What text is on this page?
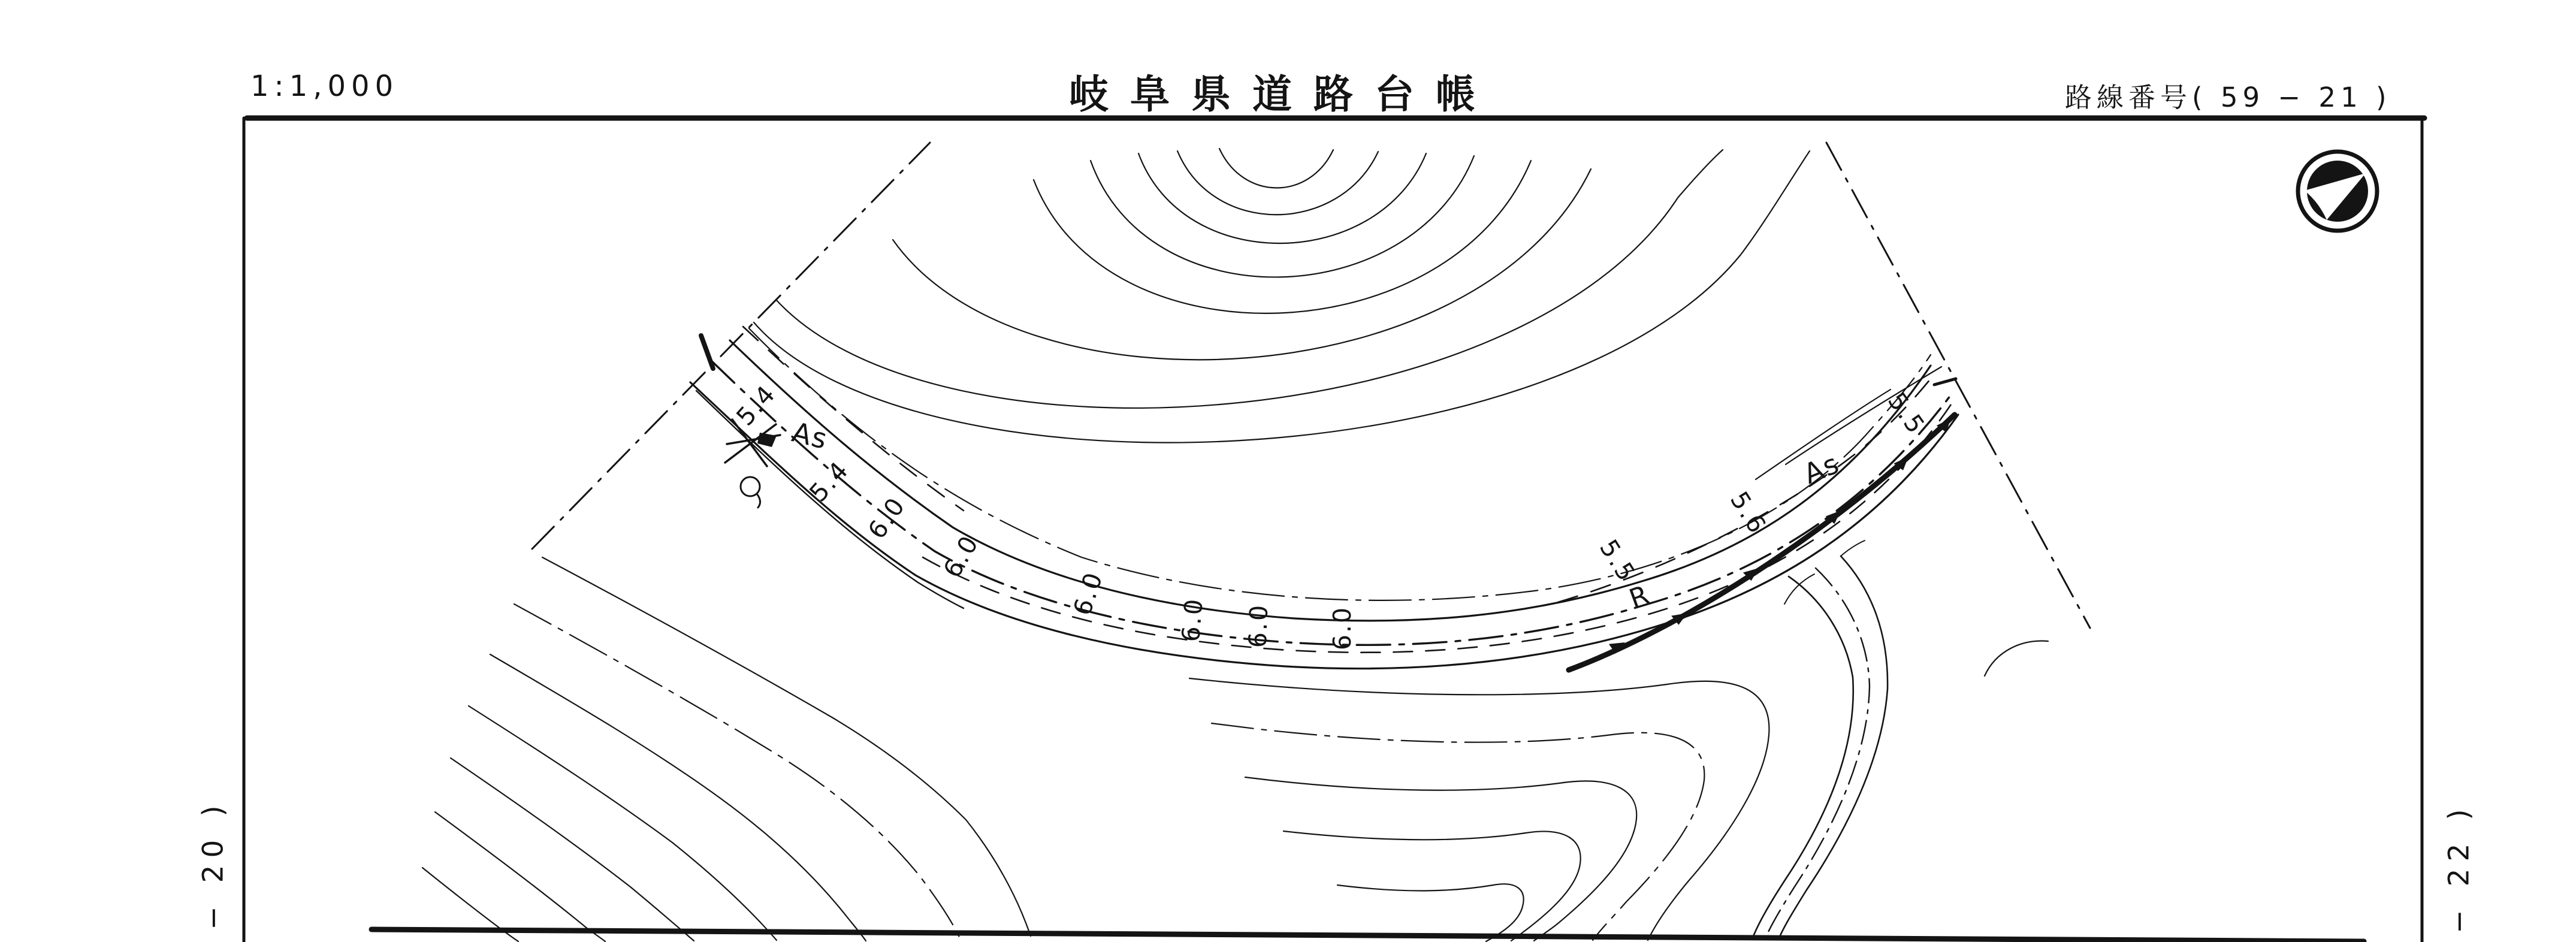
1:1,000	岐阜県道路台帳	路線番号( 59 − 21 )
− 20 )	− 22 )
5.4
5.4
6.0
6.0
6.0
6.0 6.0 6.0
5.5
5.6
5.5
As
As
R
